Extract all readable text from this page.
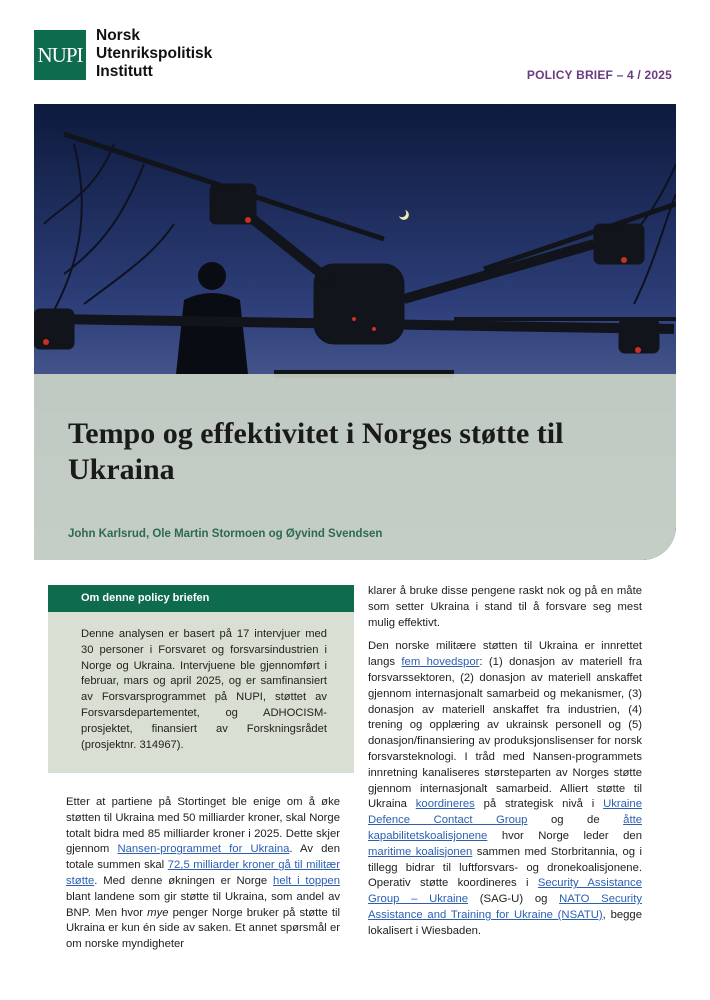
NUPI
Norsk
Utenrikspolitisk
Institutt	POLICY BRIEF – 4 / 2025
Tempo og effektivitet i Norges støtte til Ukraina
John Karlsrud, Ole Martin Stormoen og Øyvind Svendsen
Om denne policy briefen
Denne analysen er basert på 17 intervjuer med 30 personer i Forsvaret og forsvarsindustrien i Norge og Ukraina. Intervjuene ble gjennomført i februar, mars og april 2025, og er samfinansiert av Forsvarsprogrammet på NUPI, støttet av Forsvarsdepartementet, og ADHOCISM-prosjektet, finansiert av Forskningsrådet (prosjektnr. 314967).

Etter at partiene på Stortinget ble enige om å øke støtten til Ukraina med 50 milliarder kroner, skal Norge totalt bidra med 85 milliarder kroner i 2025. Dette skjer gjennom Nansen-programmet for Ukraina. Av den totale summen skal 72,5 milliarder kroner gå til militær støtte. Med denne økningen er Norge helt i toppen blant landene som gir støtte til Ukraina, som andel av BNP. Men hvor mye penger Norge bruker på støtte til Ukraina er kun én side av saken. Et annet spørsmål er om norske myndigheter

klarer å bruke disse pengene raskt nok og på en måte som setter Ukraina i stand til å forsvare seg mest mulig effektivt.

Den norske militære støtten til Ukraina er innrettet langs fem hovedspor: (1) donasjon av materiell fra forsvarssektoren, (2) donasjon av materiell anskaffet gjennom internasjonalt samarbeid og mekanismer, (3) donasjon av materiell anskaffet fra industrien, (4) trening og opplæring av ukrainsk personell og (5) donasjon/finansiering av produksjonslisenser for norsk forsvarsteknologi. I tråd med Nansen-programmets innretning kanaliseres størsteparten av Norges støtte gjennom internasjonalt samarbeid. Alliert støtte til Ukraina koordineres på strategisk nivå i Ukraine Defence Contact Group og de åtte kapabilitetskoalisjonene hvor Norge leder den maritime koalisjonen sammen med Storbritannia, og i tillegg bidrar til luftforsvars- og dronekoalisjonene. Operativ støtte koordineres i Security Assistance Group – Ukraine (SAG-U) og NATO Security Assistance and Training for Ukraine (NSATU), begge lokalisert i Wiesbaden.
